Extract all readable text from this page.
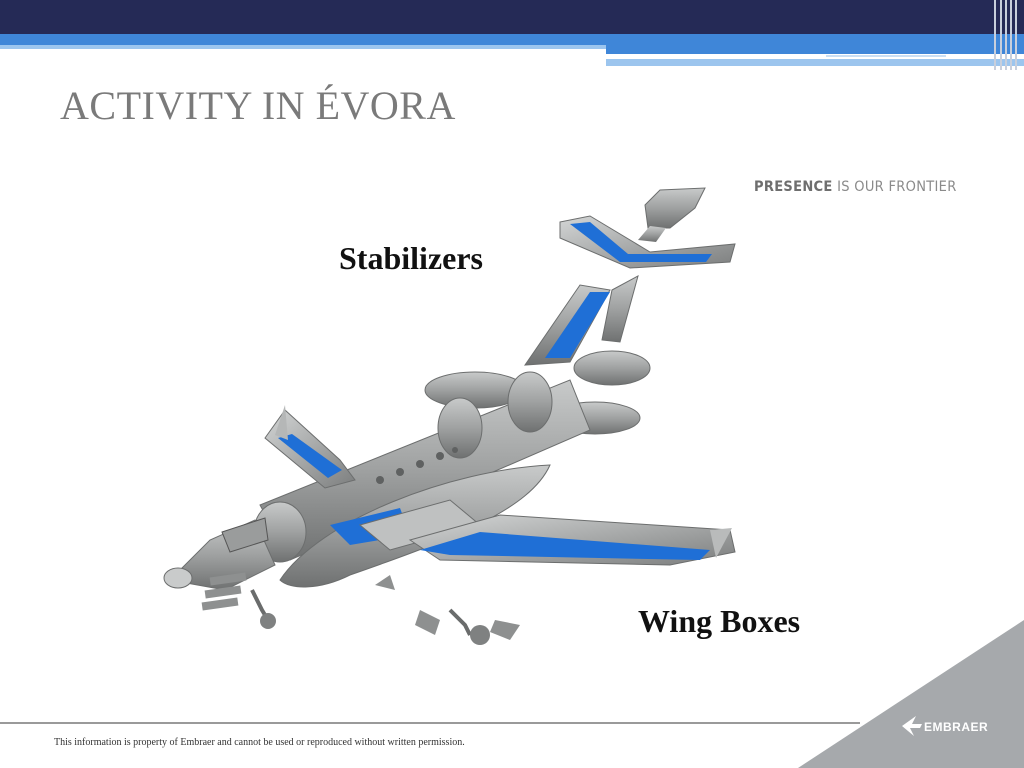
ACTIVITY IN ÉVORA
PRESENCE IS OUR FRONTIER
Stabilizers
Wing Boxes
This information is property of Embraer and cannot be used or reproduced without written permission.
EMBRAER
